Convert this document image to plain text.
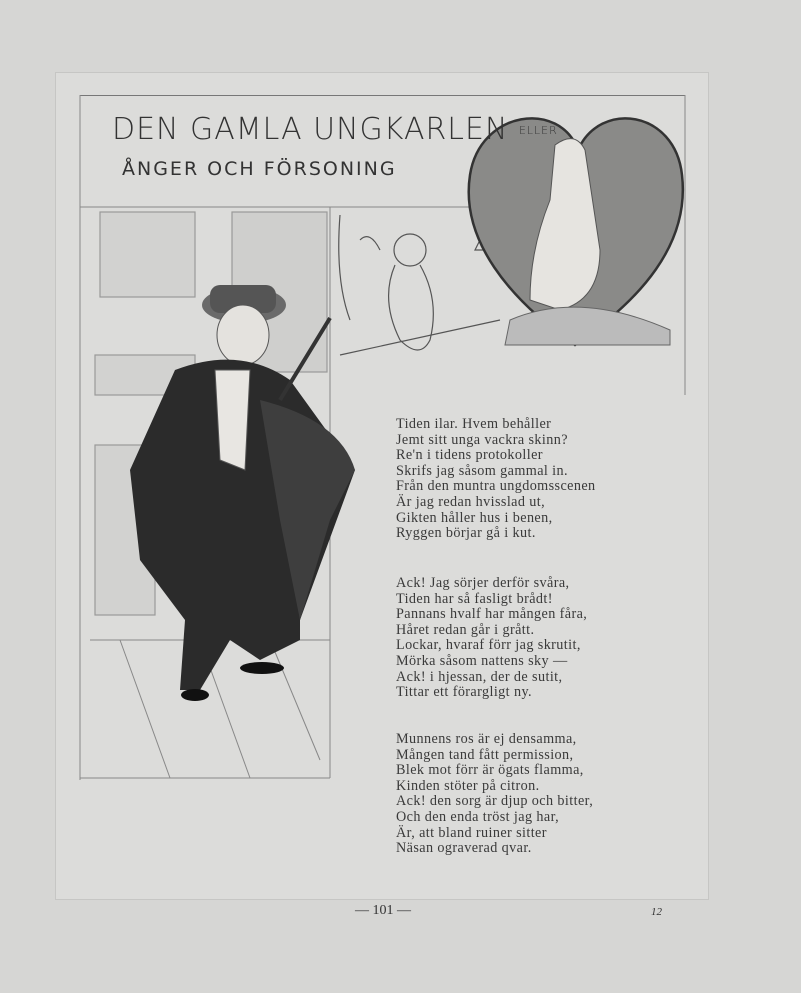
DEN GAMLA UNGKARLEN ELLER
ÅNGER OCH FÖRSONING
Tiden ilar. Hvem behåller
Jemt sitt unga vackra skinn?
Re'n i tidens protokoller
Skrifs jag såsom gammal in.
Från den muntra ungdomsscenen
Är jag redan hvisslad ut,
Gikten håller hus i benen,
Ryggen börjar gå i kut.
Ack! Jag sörjer derför svåra,
Tiden har så fasligt brådt!
Pannans hvalf har mången fåra,
Håret redan går i grått.
Lockar, hvaraf förr jag skrutit,
Mörka såsom nattens sky —
Ack! i hjessan, der de sutit,
Tittar ett förargligt ny.
Munnens ros är ej densamma,
Mången tand fått permission,
Blek mot förr är ögats flamma,
Kinden stöter på citron.
Ack! den sorg är djup och bitter,
Och den enda tröst jag har,
Är, att bland ruiner sitter
Näsan ograverad qvar.
— 101 —	12
